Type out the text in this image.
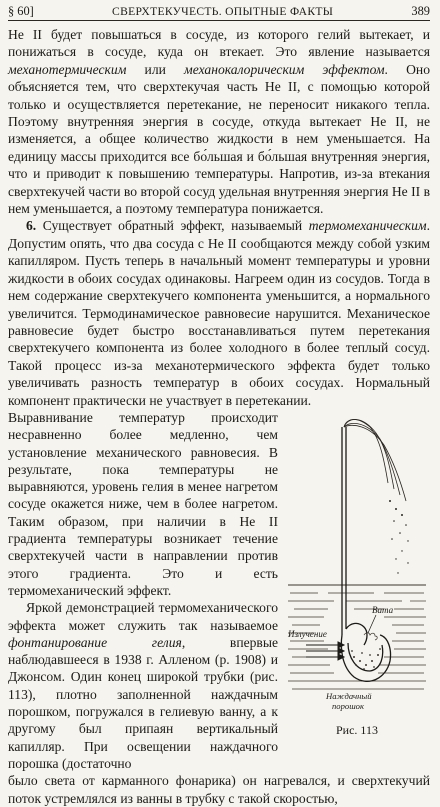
§ 60]	СВЕРХТЕКУЧЕСТЬ. ОПЫТНЫЕ ФАКТЫ	389

Не II будет повышаться в сосуде, из которого гелий вытекает, и понижаться в сосуде, куда он втекает. Это явление называется механотермическим или механокалорическим эффектом. Оно объясняется тем, что сверхтекучая часть Не II, с помощью которой только и осуществляется перетекание, не переносит никакого тепла. Поэтому внутренняя энергия в сосуде, откуда вытекает Не II, не изменяется, а общее количество жидкости в нем уменьшается. На единицу массы приходится все бо́льшая и бо́льшая внутренняя энергия, что и приводит к повышению температуры. Напротив, из-за втекания сверхтекучей части во второй сосуд удельная внутренняя энергия Не II в нем уменьшается, а поэтому температура понижается.

6. Существует обратный эффект, называемый термомеханическим. Допустим опять, что два сосуда с Не II сообщаются между собой узким капилляром. Пусть теперь в начальный момент температуры и уровни жидкости в обоих сосудах одинаковы. Нагреем один из сосудов. Тогда в нем содержание сверхтекучего компонента уменьшится, а нормального увеличится. Термодинамическое равновесие нарушится. Механическое равновесие будет быстро восстанавливаться путем перетекания сверхтекучего компонента из более холодного в более теплый сосуд. Такой процесс из-за механотермического эффекта будет только увеличивать разность температур в обоих сосудах. Нормальный компонент практически не участвует в перетекании.

Выравнивание температур происходит несравненно более медленно, чем установление механического равновесия. В результате, пока температуры не выравняются, уровень гелия в менее нагретом сосуде окажется ниже, чем в более нагретом. Таким образом, при наличии в Не II градиента температуры возникает течение сверхтекучей части в направлении против этого градиента. Это и есть термомеханический эффект.

Яркой демонстрацией термомеханического эффекта может служить так называемое фонтанирование гелия, впервые наблюдавшееся в 1938 г. Алленом (р. 1908) и Джонсом. Один конец широкой трубки (рис. 113), плотно заполненной наждачным порошком, погружался в гелиевую ванну, а к другому был припаян вертикальный капилляр. При освещении наждачного порошка (достаточно

Излучение
Вата
Наждачный
порошок
Рис. 113

было света от карманного фонарика) он нагревался, и сверхтекучий поток устремлялся из ванны в трубку с такой скоростью,
